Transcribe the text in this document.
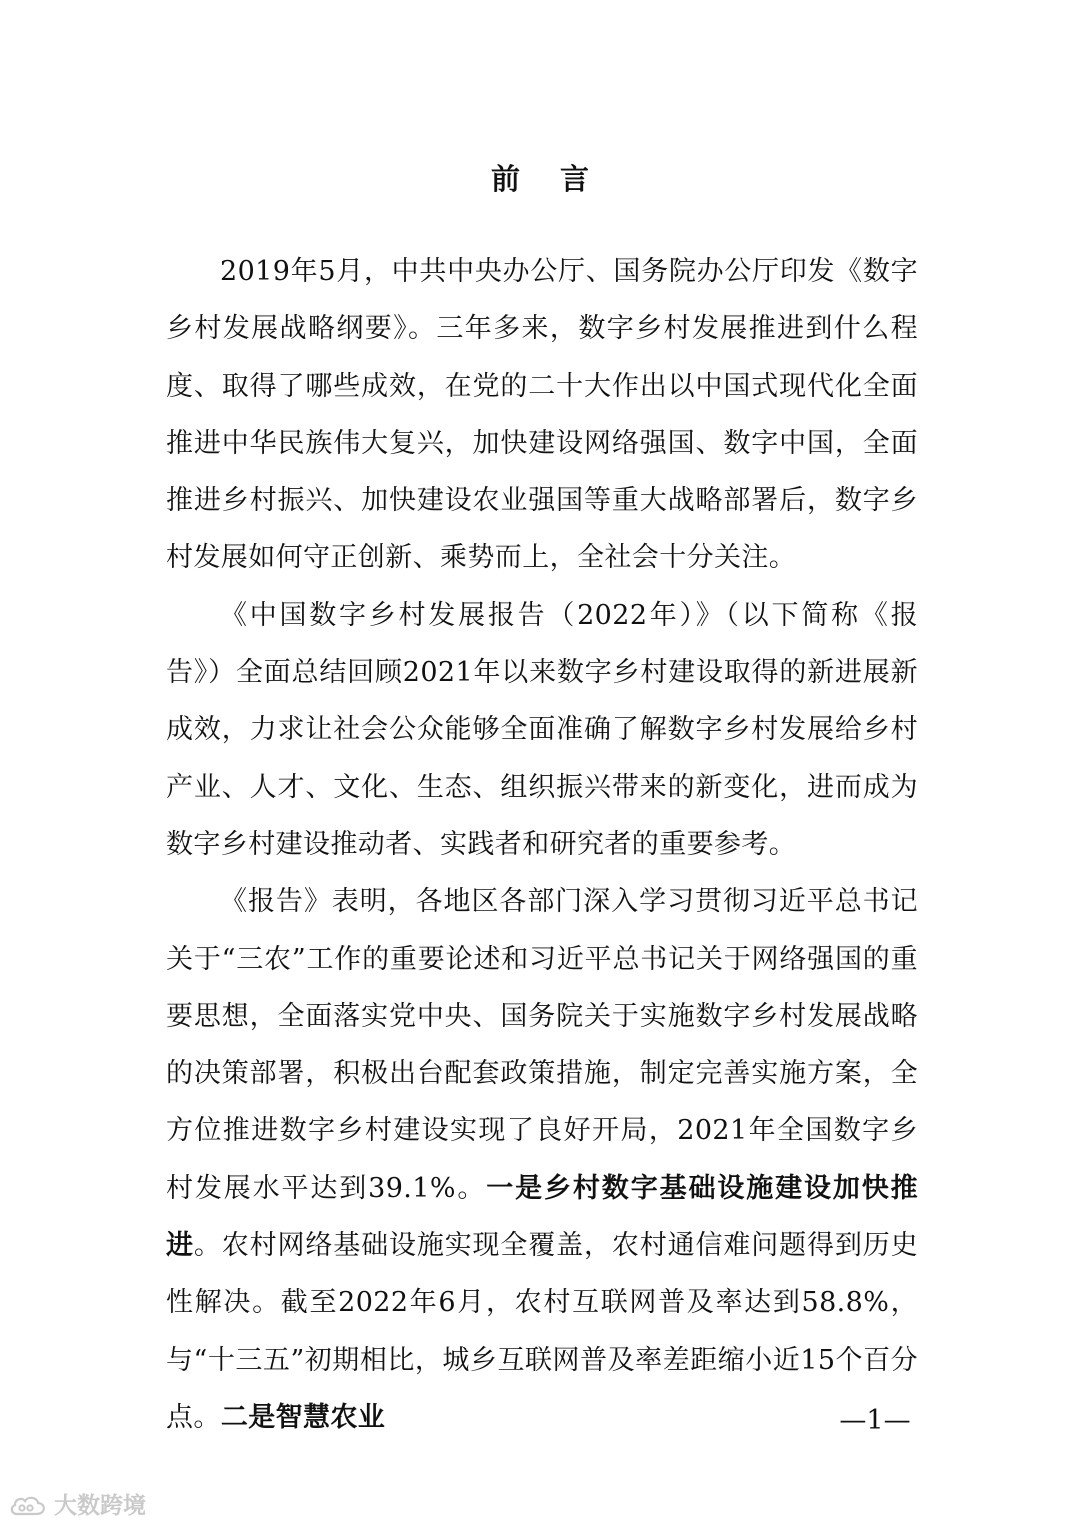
前言

2019年5月，中共中央办公厅、国务院办公厅印发《数字乡村发展战略纲要》。三年多来，数字乡村发展推进到什么程度、取得了哪些成效，在党的二十大作出以中国式现代化全面推进中华民族伟大复兴，加快建设网络强国、数字中国，全面推进乡村振兴、加快建设农业强国等重大战略部署后，数字乡村发展如何守正创新、乘势而上，全社会十分关注。

《中国数字乡村发展报告（2022年）》（以下简称《报告》）全面总结回顾2021年以来数字乡村建设取得的新进展新成效，力求让社会公众能够全面准确了解数字乡村发展给乡村产业、人才、文化、生态、组织振兴带来的新变化，进而成为数字乡村建设推动者、实践者和研究者的重要参考。

《报告》表明，各地区各部门深入学习贯彻习近平总书记关于“三农”工作的重要论述和习近平总书记关于网络强国的重要思想，全面落实党中央、国务院关于实施数字乡村发展战略的决策部署，积极出台配套政策措施，制定完善实施方案，全方位推进数字乡村建设实现了良好开局，2021年全国数字乡村发展水平达到39.1%。一是乡村数字基础设施建设加快推进。农村网络基础设施实现全覆盖，农村通信难问题得到历史性解决。截至2022年6月，农村互联网普及率达到58.8%，与“十三五”初期相比，城乡互联网普及率差距缩小近15个百分点。二是智慧农业	—1—
大数跨境
